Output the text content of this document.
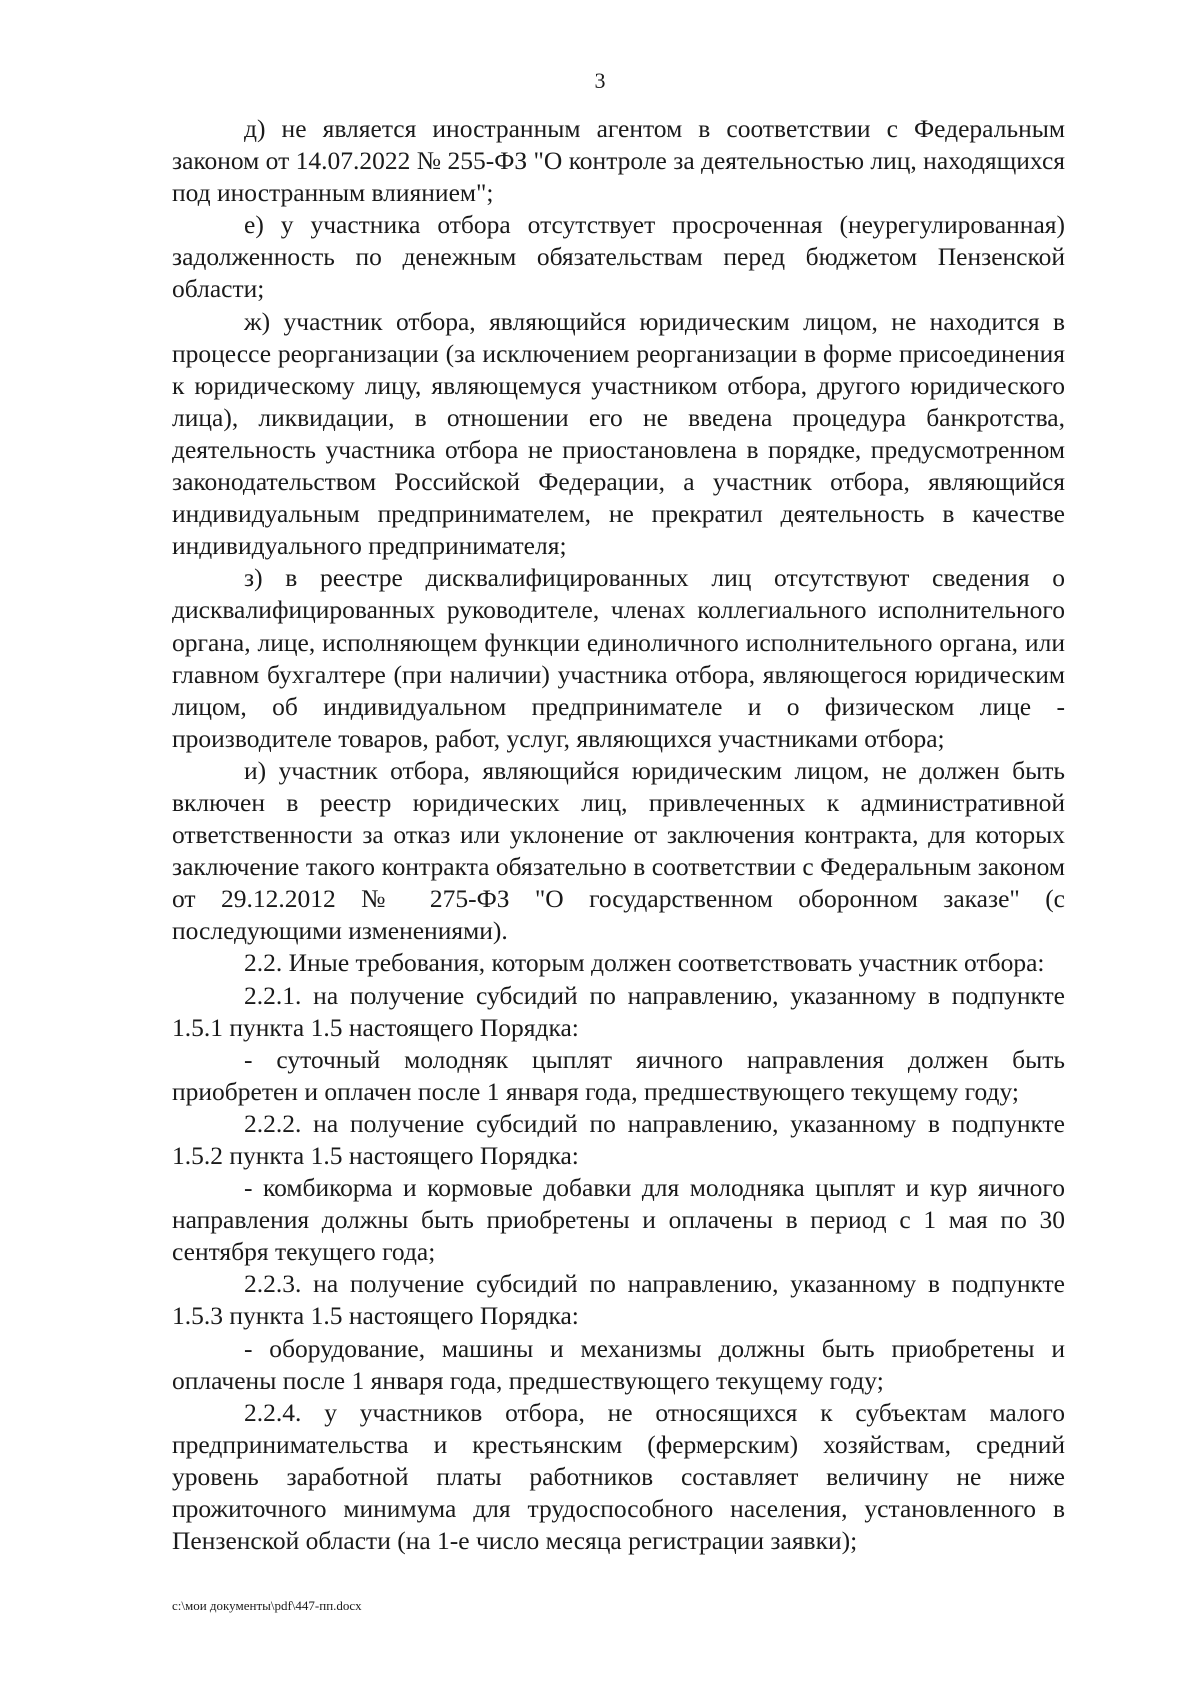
3

д) не является иностранным агентом в соответствии с Федеральным законом от 14.07.2022 № 255-ФЗ "О контроле за деятельностью лиц, находящихся под иностранным влиянием";

е) у участника отбора отсутствует просроченная (неурегулированная) задолженность по денежным обязательствам перед бюджетом Пензенской области;

ж) участник отбора, являющийся юридическим лицом, не находится в процессе реорганизации (за исключением реорганизации в форме присоединения к юридическому лицу, являющемуся участником отбора, другого юридического лица), ликвидации, в отношении его не введена процедура банкротства, деятельность участника отбора не приостановлена в порядке, предусмотренном законодательством Российской Федерации, а участник отбора, являющийся индивидуальным предпринимателем, не прекратил деятельность в качестве индивидуального предпринимателя;

з) в реестре дисквалифицированных лиц отсутствуют сведения о дисквалифицированных руководителе, членах коллегиального исполнительного органа, лице, исполняющем функции единоличного исполнительного органа, или главном бухгалтере (при наличии) участника отбора, являющегося юридическим лицом, об индивидуальном предпринимателе и о физическом лице - производителе товаров, работ, услуг, являющихся участниками отбора;

и) участник отбора, являющийся юридическим лицом, не должен быть включен в реестр юридических лиц, привлеченных к административной ответственности за отказ или уклонение от заключения контракта, для которых заключение такого контракта обязательно в соответствии с Федеральным законом от 29.12.2012 № 275-ФЗ "О государственном оборонном заказе" (с последующими изменениями).

2.2. Иные требования, которым должен соответствовать участник отбора:

2.2.1. на получение субсидий по направлению, указанному в подпункте 1.5.1 пункта 1.5 настоящего Порядка:

- суточный молодняк цыплят яичного направления должен быть приобретен и оплачен после 1 января года, предшествующего текущему году;

2.2.2. на получение субсидий по направлению, указанному в подпункте 1.5.2 пункта 1.5 настоящего Порядка:

- комбикорма и кормовые добавки для молодняка цыплят и кур яичного направления должны быть приобретены и оплачены в период с 1 мая по 30 сентября текущего года;

2.2.3. на получение субсидий по направлению, указанному в подпункте 1.5.3 пункта 1.5 настоящего Порядка:

- оборудование, машины и механизмы должны быть приобретены и оплачены после 1 января года, предшествующего текущему году;

2.2.4. у участников отбора, не относящихся к субъектам малого предпринимательства и крестьянским (фермерским) хозяйствам, средний уровень заработной платы работников составляет величину не ниже прожиточного минимума для трудоспособного населения, установленного в Пензенской области (на 1-е число месяца регистрации заявки);

c:\мои документы\pdf\447-пп.docx
